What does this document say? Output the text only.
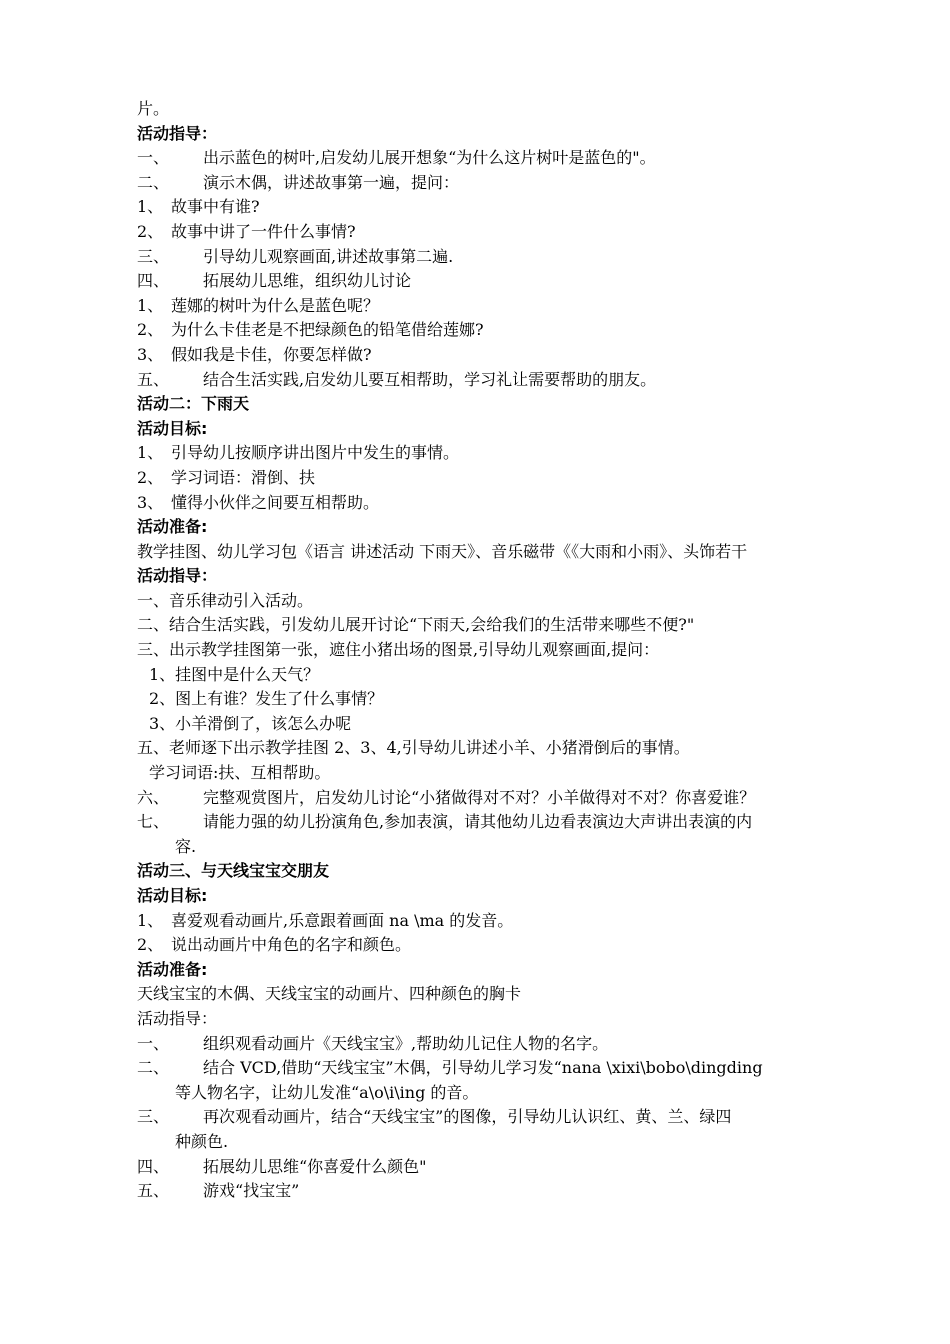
片。
活动指导：
一、	出示蓝色的树叶,启发幼儿展开想象“为什么这片树叶是蓝色的"。
二、	演示木偶，讲述故事第一遍，提问：
1、 故事中有谁?
2、 故事中讲了一件什么事情?
三、	引导幼儿观察画面,讲述故事第二遍.
四、	拓展幼儿思维，组织幼儿讨论
1、 莲娜的树叶为什么是蓝色呢？
2、 为什么卡佳老是不把绿颜色的铅笔借给莲娜?
3、 假如我是卡佳，你要怎样做?
五、	结合生活实践,启发幼儿要互相帮助，学习礼让需要帮助的朋友。
活动二：下雨天
活动目标:
1、 引导幼儿按顺序讲出图片中发生的事情。
2、 学习词语：滑倒、扶
3、 懂得小伙伴之间要互相帮助。
活动准备:
教学挂图、幼儿学习包《语言 讲述活动 下雨天》、音乐磁带《《大雨和小雨》、头饰若干
活动指导：
一、音乐律动引入活动。
二、结合生活实践，引发幼儿展开讨论“下雨天,会给我们的生活带来哪些不便?"
三、出示教学挂图第一张，遮住小猪出场的图景,引导幼儿观察画面,提问：
1、挂图中是什么天气？
2、图上有谁？发生了什么事情？
3、小羊滑倒了，该怎么办呢
五、老师逐下出示教学挂图 2、3、4,引导幼儿讲述小羊、小猪滑倒后的事情。
学习词语:扶、互相帮助。
六、	完整观赏图片，启发幼儿讨论“小猪做得对不对？小羊做得对不对？你喜爱谁？
七、	请能力强的幼儿扮演角色,参加表演，请其他幼儿边看表演边大声讲出表演的内
容.
活动三、与天线宝宝交朋友
活动目标:
1、 喜爱观看动画片,乐意跟着画面 na \ma 的发音。
2、 说出动画片中角色的名字和颜色。
活动准备:
天线宝宝的木偶、天线宝宝的动画片、四种颜色的胸卡
活动指导：
一、	组织观看动画片《天线宝宝》,帮助幼儿记住人物的名字。
二、	结合 VCD,借助“天线宝宝”木偶，引导幼儿学习发“nana \xixi\bobo\dingding
等人物名字，让幼儿发准“a\o\i\ing 的音。
三、	再次观看动画片，结合“天线宝宝”的图像，引导幼儿认识红、黄、兰、绿四
种颜色.
四、	拓展幼儿思维“你喜爱什么颜色"
五、	游戏“找宝宝”
